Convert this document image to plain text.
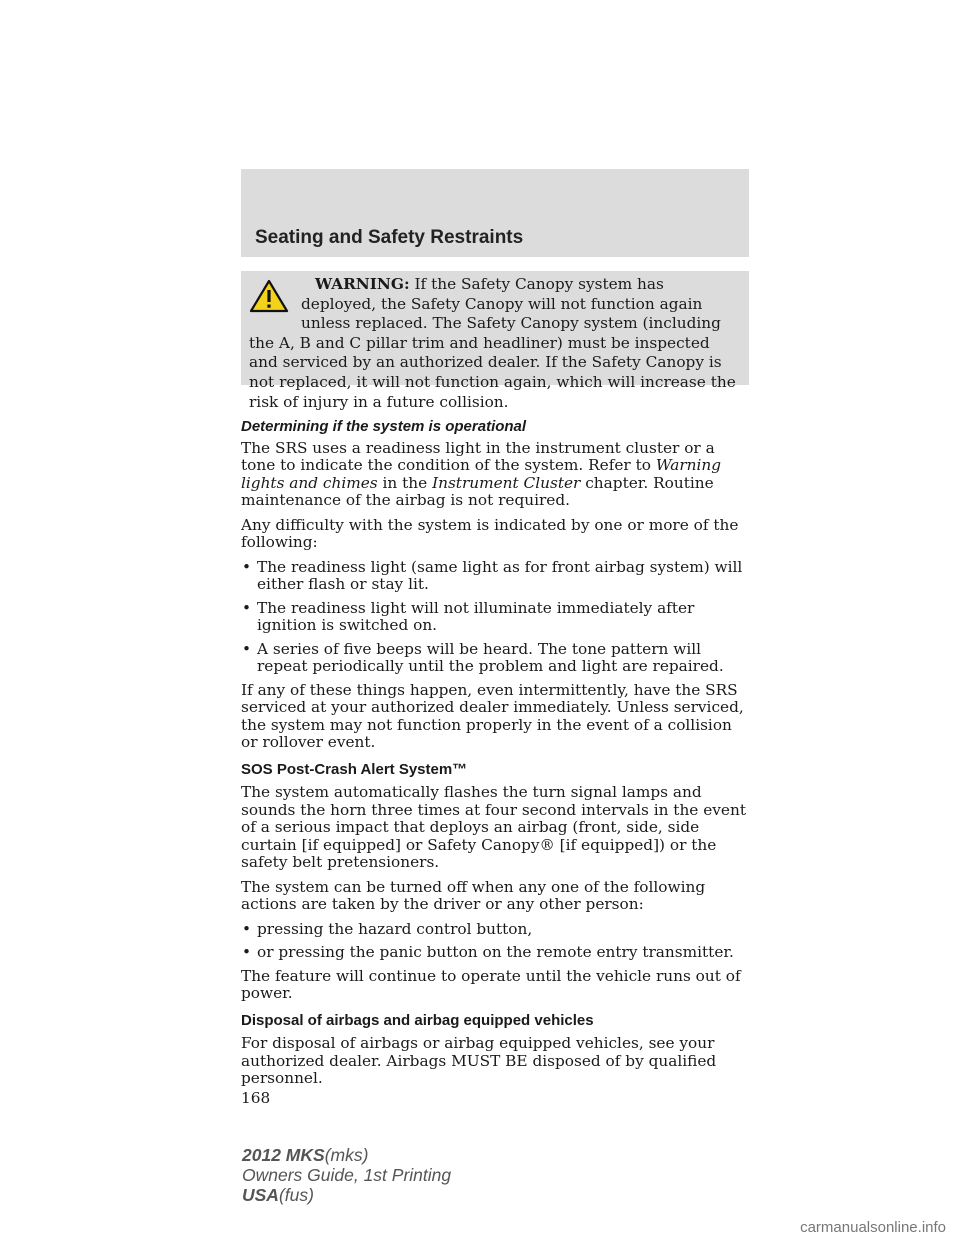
Seating and Safety Restraints
WARNING: If the Safety Canopy system has deployed, the Safety Canopy will not function again unless replaced. The Safety Canopy system (including the A, B and C pillar trim and headliner) must be inspected and serviced by an authorized dealer. If the Safety Canopy is not replaced, it will not function again, which will increase the risk of injury in a future collision.
Determining if the system is operational

The SRS uses a readiness light in the instrument cluster or a tone to indicate the condition of the system. Refer to Warning lights and chimes in the Instrument Cluster chapter. Routine maintenance of the airbag is not required.

Any difficulty with the system is indicated by one or more of the following:

• The readiness light (same light as for front airbag system) will either flash or stay lit.
• The readiness light will not illuminate immediately after ignition is switched on.
• A series of five beeps will be heard. The tone pattern will repeat periodically until the problem and light are repaired.

If any of these things happen, even intermittently, have the SRS serviced at your authorized dealer immediately. Unless serviced, the system may not function properly in the event of a collision or rollover event.

SOS Post-Crash Alert System™

The system automatically flashes the turn signal lamps and sounds the horn three times at four second intervals in the event of a serious impact that deploys an airbag (front, side, side curtain [if equipped] or Safety Canopy® [if equipped]) or the safety belt pretensioners.

The system can be turned off when any one of the following actions are taken by the driver or any other person:

• pressing the hazard control button,
• or pressing the panic button on the remote entry transmitter.

The feature will continue to operate until the vehicle runs out of power.

Disposal of airbags and airbag equipped vehicles

For disposal of airbags or airbag equipped vehicles, see your authorized dealer. Airbags MUST BE disposed of by qualified personnel.

168
2012 MKS(mks)
Owners Guide, 1st Printing
USA(fus)
carmanualsonline.info
